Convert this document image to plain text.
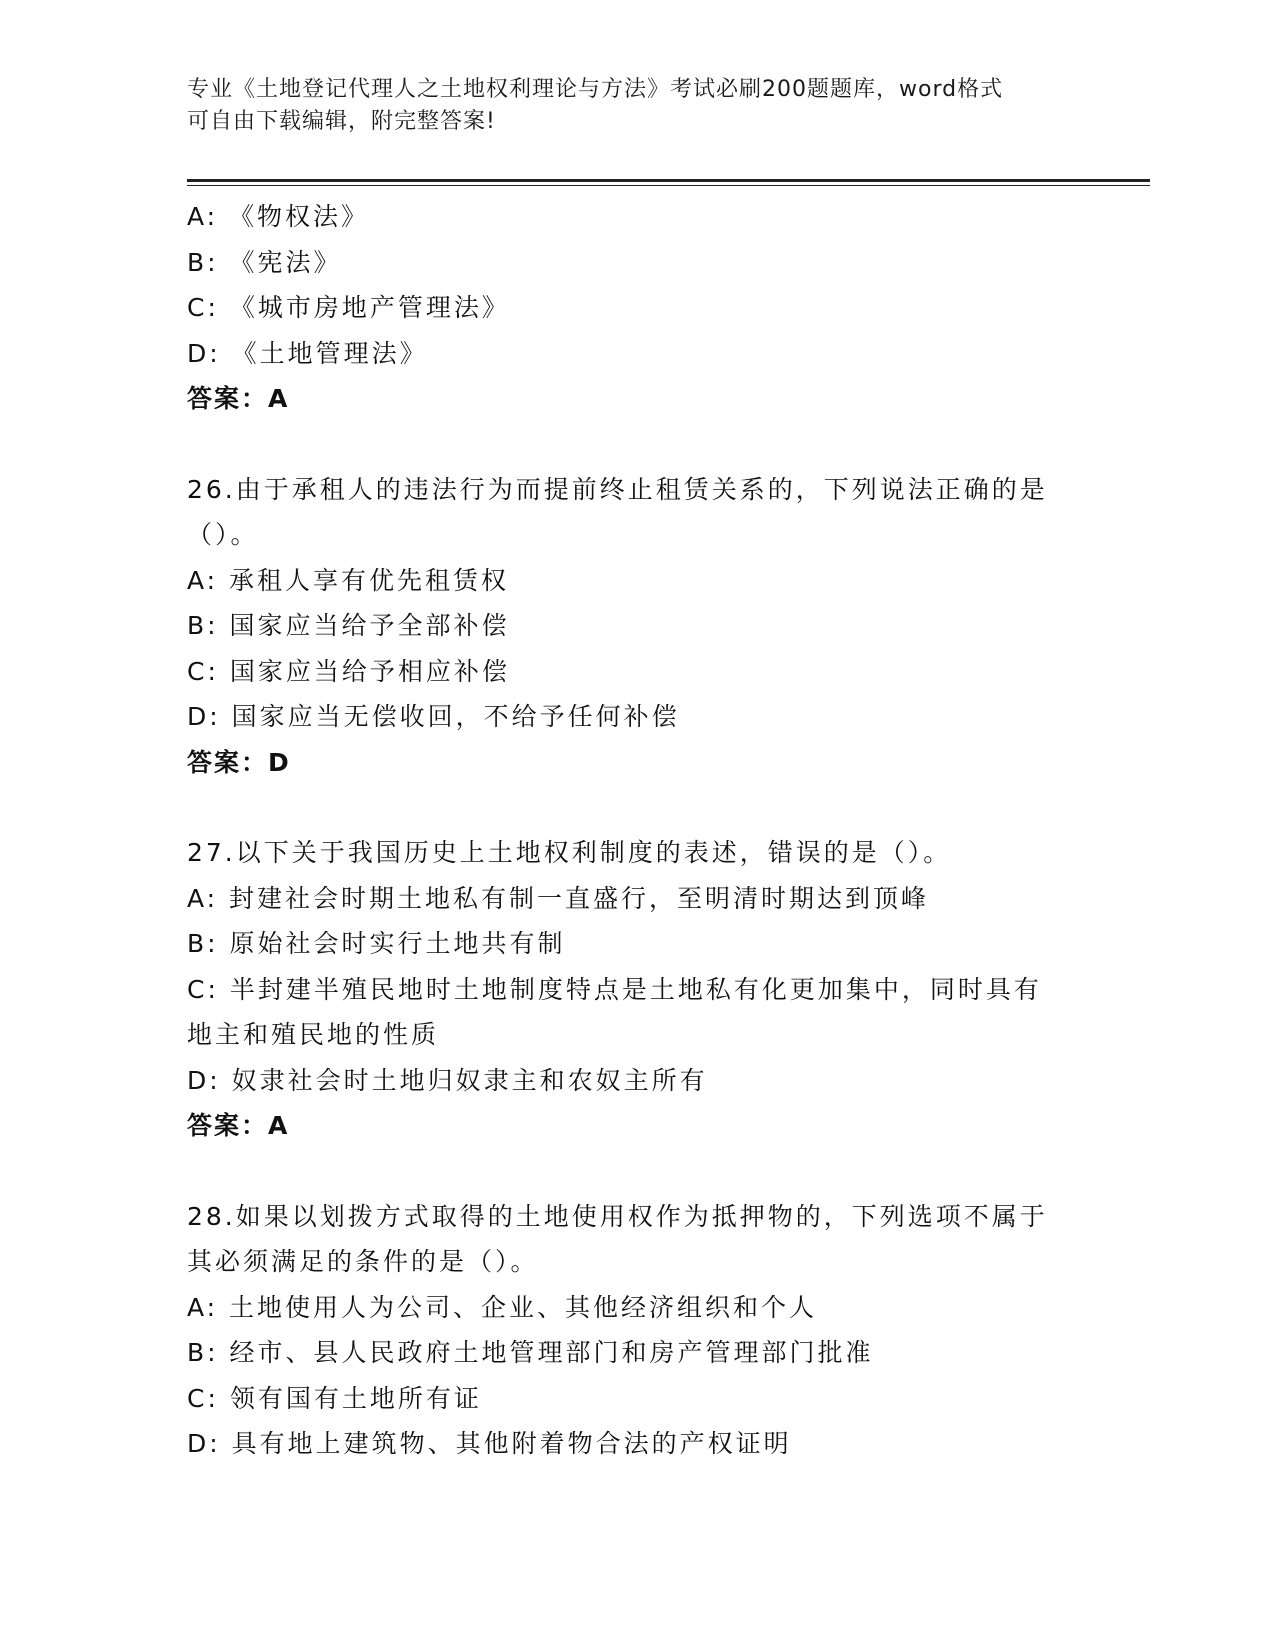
专业《土地登记代理人之土地权利理论与方法》考试必刷200题题库，word格式
可自由下载编辑，附完整答案!
A: 《物权法》
B: 《宪法》
C: 《城市房地产管理法》
D: 《土地管理法》
答案：A
26.由于承租人的违法行为而提前终止租赁关系的，下列说法正确的是
（）。
A: 承租人享有优先租赁权
B: 国家应当给予全部补偿
C: 国家应当给予相应补偿
D: 国家应当无偿收回，不给予任何补偿
答案：D
27.以下关于我国历史上土地权利制度的表述，错误的是（）。
A: 封建社会时期土地私有制一直盛行，至明清时期达到顶峰
B: 原始社会时实行土地共有制
C: 半封建半殖民地时土地制度特点是土地私有化更加集中，同时具有
地主和殖民地的性质
D: 奴隶社会时土地归奴隶主和农奴主所有
答案：A
28.如果以划拨方式取得的土地使用权作为抵押物的，下列选项不属于
其必须满足的条件的是（）。
A: 土地使用人为公司、企业、其他经济组织和个人
B: 经市、县人民政府土地管理部门和房产管理部门批准
C: 领有国有土地所有证
D: 具有地上建筑物、其他附着物合法的产权证明
